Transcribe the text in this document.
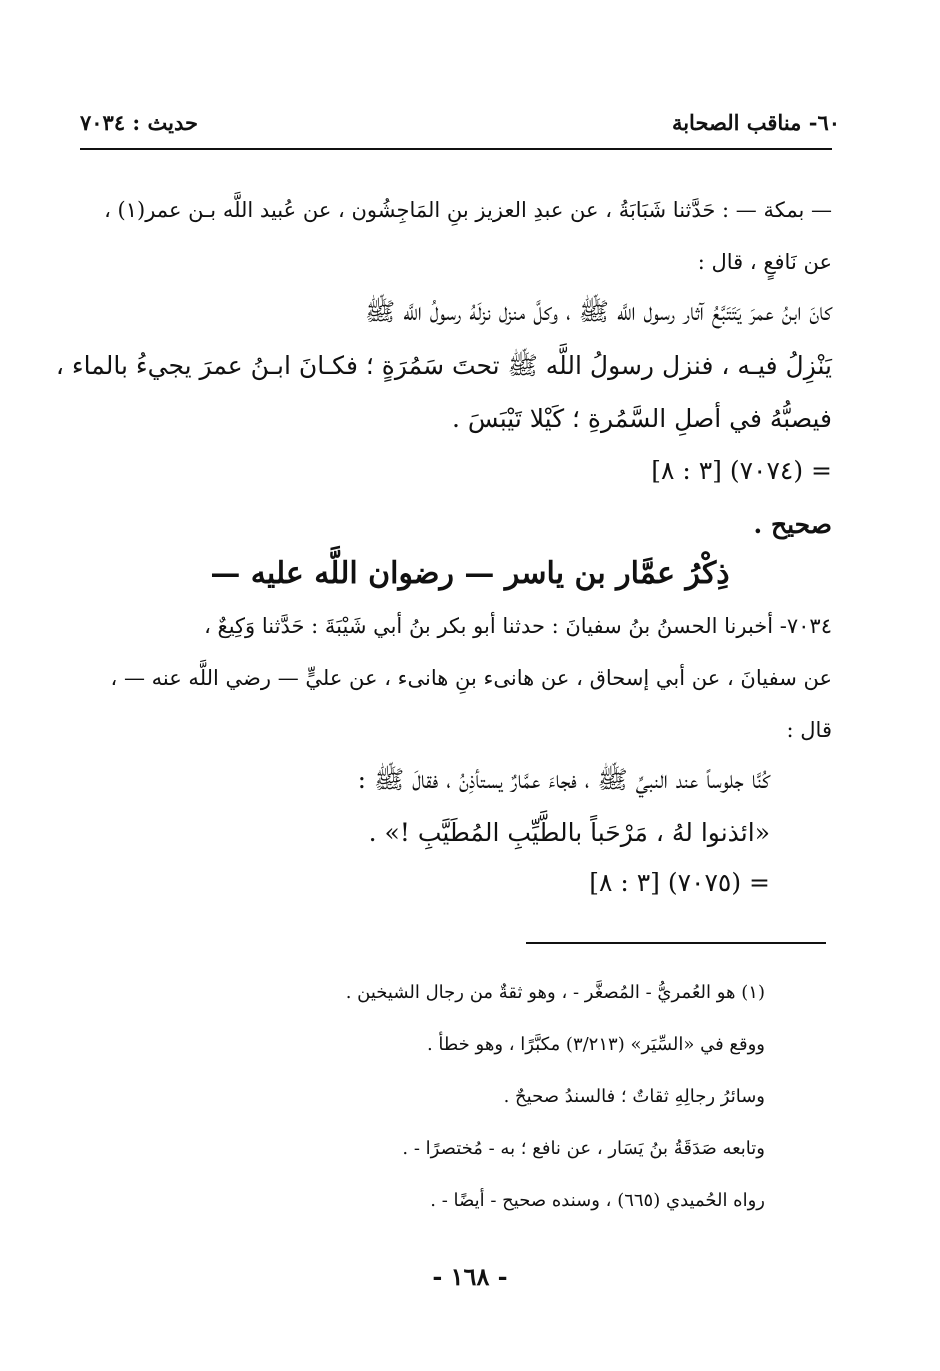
٦٠- مناقب الصحابة
حديث : ٧٠٣٤
— بمكة — : حَدَّثنا شَبَابَةُ ، عن عبدِ العزيز بنِ المَاجِشُون ، عن عُبيد اللَّه بـن عمر(١) ،
عن نَافعٍ ، قال :
كانَ ابنُ عمرَ يَتَتَبَّعُ آثار رسول اللَّه ﷺ ، وكلَّ منزل نزلَهُ رسولُ اللَّه ﷺ
يَنْزِلُ فيـه ، فنزل رسولُ اللَّه ﷺ تحتَ سَمُرَةٍ ؛ فكـانَ ابـنُ عمرَ يجيءُ بالماء ،
فيصبُّهُ في أصلِ السَّمُرةِ ؛ كَيْلا تَيْبَسَ .
= (٧٠٧٤) [٣ : ٨]
صحيح .
ذِكْرُ عمَّار بن ياسر — رضوان اللَّه عليه —
٧٠٣٤- أخبرنا الحسنُ بنُ سفيانَ : حدثنا أبو بكر بنُ أبي شَيْبَةَ : حَدَّثنا وَكِيعٌ ،
عن سفيانَ ، عن أبي إسحاق ، عن هانىء بنِ هانىء ، عن عليٍّ — رضي اللَّه عنه — ،
قال :
كُنَّا جلوساً عند النبيِّ ﷺ ، فجاءَ عمَّارٌ يستأذِنُ ، فقالَ ﷺ :
«ائذنوا لهُ ، مَرْحَباً بالطَّيِّبِ المُطَيَّبِ !» .
= (٧٠٧٥) [٣ : ٨]
(١) هو العُمريُّ - المُصغَّر - ، وهو ثقةٌ من رجال الشيخين .
ووقع في «السِّيَر» (٣/٢١٣) مكبَّرًا ، وهو خطأ .
وسائرُ رجالِهِ ثقاتٌ ؛ فالسندُ صحيحٌ .
وتابعه صَدَقَةُ بنُ يَسَار ، عن نافع ؛ به - مُختصرًا - .
رواه الحُميدي (٦٦٥) ، وسنده صحيح - أيضًا - .
- ١٦٨ -
